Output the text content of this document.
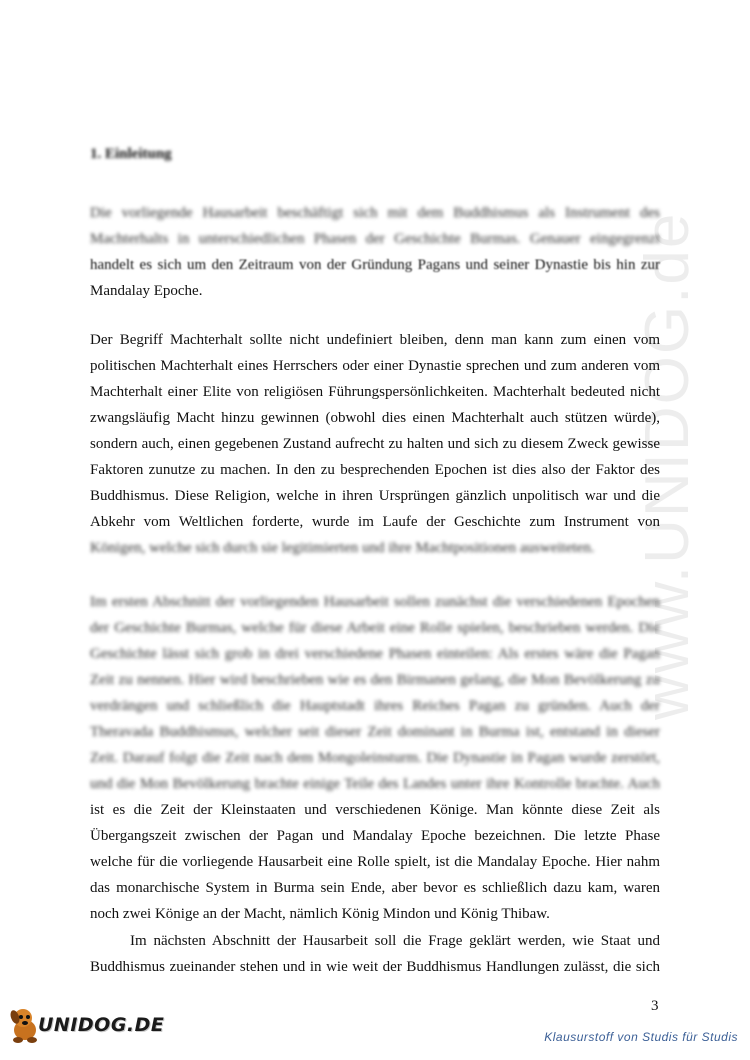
www.UNIDOG.de
1. Einleitung

Die vorliegende Hausarbeit beschäftigt sich mit dem Buddhismus als Instrument des
Machterhalts in unterschiedlichen Phasen der Geschichte Burmas. Genauer eingegrenzt
handelt es sich um den Zeitraum von der Gründung Pagans und seiner Dynastie bis hin zur
Mandalay Epoche.

Der Begriff Machterhalt sollte nicht undefiniert bleiben, denn man kann zum einen vom
politischen Machterhalt eines Herrschers oder einer Dynastie sprechen und zum anderen vom
Machterhalt einer Elite von religiösen Führungspersönlichkeiten. Machterhalt bedeuted nicht
zwangsläufig Macht hinzu gewinnen (obwohl dies einen Machterhalt auch stützen würde),
sondern auch, einen gegebenen Zustand aufrecht zu halten und sich zu diesem Zweck gewisse
Faktoren zunutze zu machen. In den zu besprechenden Epochen ist dies also der Faktor des
Buddhismus. Diese Religion, welche in ihren Ursprüngen gänzlich unpolitisch war und die
Abkehr vom Weltlichen forderte, wurde im Laufe der Geschichte zum Instrument von
Königen, welche sich durch sie legitimierten und ihre Machtpositionen ausweiteten.

Im ersten Abschnitt der vorliegenden Hausarbeit sollen zunächst die verschiedenen Epochen
der Geschichte Burmas, welche für diese Arbeit eine Rolle spielen, beschrieben werden. Die
Geschichte lässt sich grob in drei verschiedene Phasen einteilen: Als erstes wäre die Pagan
Zeit zu nennen. Hier wird beschrieben wie es den Birmanen gelang, die Mon Bevölkerung zu
verdrängen und schließlich die Hauptstadt ihres Reiches Pagan zu gründen. Auch der
Theravada Buddhismus, welcher seit dieser Zeit dominant in Burma ist, entstand in dieser
Zeit. Darauf folgt die Zeit nach dem Mongoleinsturm. Die Dynastie in Pagan wurde zerstört,
und die Mon Bevölkerung brachte einige Teile des Landes unter ihre Kontrolle brachte. Auch
ist es die Zeit der Kleinstaaten und verschiedenen Könige. Man könnte diese Zeit als
Übergangszeit zwischen der Pagan und Mandalay Epoche bezeichnen. Die letzte Phase
welche für die vorliegende Hausarbeit eine Rolle spielt, ist die Mandalay Epoche. Hier nahm
das monarchische System in Burma sein Ende, aber bevor es schließlich dazu kam, waren
noch zwei Könige an der Macht, nämlich König Mindon und König Thibaw.

Im nächsten Abschnitt der Hausarbeit soll die Frage geklärt werden, wie Staat und
Buddhismus zueinander stehen und in wie weit der Buddhismus Handlungen zulässt, die sich

3
UNIDOG.DE
Klausurstoff von Studis für Studis
